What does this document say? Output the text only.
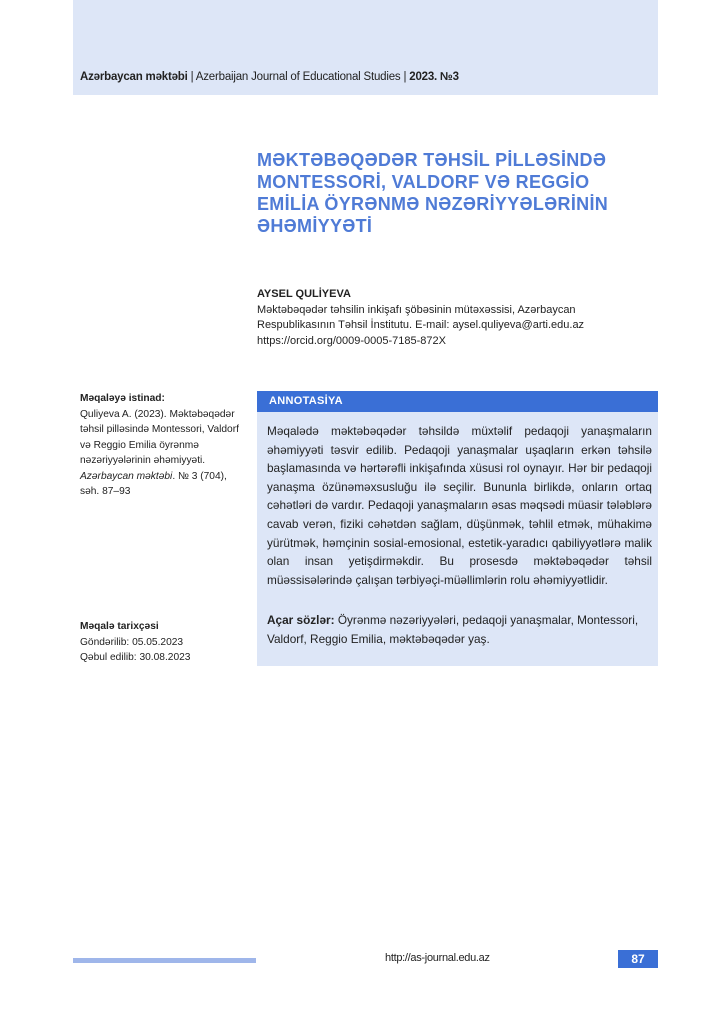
Azərbaycan məktəbi | Azerbaijan Journal of Educational Studies | 2023. №3
MƏKTƏBƏQƏDƏR TƏHSİL PİLLƏSİNDƏ
MONTESSORİ, VALDORF VƏ REGGİO
EMİLİA ÖYRƏNMƏ NƏZƏRİYYƏLƏRİNİN
ƏHƏMİYYƏTİ
AYSEL QULİYEVA
Məktəbəqədər təhsilin inkişafı şöbəsinin mütəxəssisi, Azərbaycan
Respublikasının Təhsil İnstitutu. E-mail: aysel.quliyeva@arti.edu.az
https://orcid.org/0009-0005-7185-872X
Məqaləyə istinad:
Quliyeva A. (2023). Məktəbəqədər
təhsil pilləsində Montessori, Valdorf
və Reggio Emilia öyrənmə
nəzəriyyələrinin əhəmiyyəti.
Azərbaycan məktəbi. № 3 (704),
səh. 87–93
Məqalə tarixçəsi
Göndərilib: 05.05.2023
Qəbul edilib: 30.08.2023
ANNOTASİYA

Məqalədə məktəbəqədər təhsildə müxtəlif pedaqoji yanaşmaların əhəmiyyəti təsvir edilib. Pedaqoji yanaşmalar uşaqların erkən təhsilə başlamasında və hərtərəfli inkişafında xüsusi rol oynayır. Hər bir pedaqoji yanaşma özünəməxsusluğu ilə seçilir. Bununla birlikdə, onların ortaq cəhətləri də vardır. Pedaqoji yanaşmaların əsas məqsədi müasir tələblərə cavab verən, fiziki cəhətdən sağlam, düşünmək, təhlil etmək, mühakimə yürütmək, həmçinin sosial-emosional, estetik-yaradıcı qabiliyyətlərə malik olan insan yetişdirməkdir. Bu prosesdə məktəbəqədər təhsil müəssisələrində çalışan tərbiyəçi-müəllimlərin rolu əhəmiyyətlidir.

Açar sözlər: Öyrənmə nəzəriyyələri, pedaqoji yanaşmalar, Montessori, Valdorf, Reggio Emilia, məktəbəqədər yaş.

http://as-journal.edu.az	87
